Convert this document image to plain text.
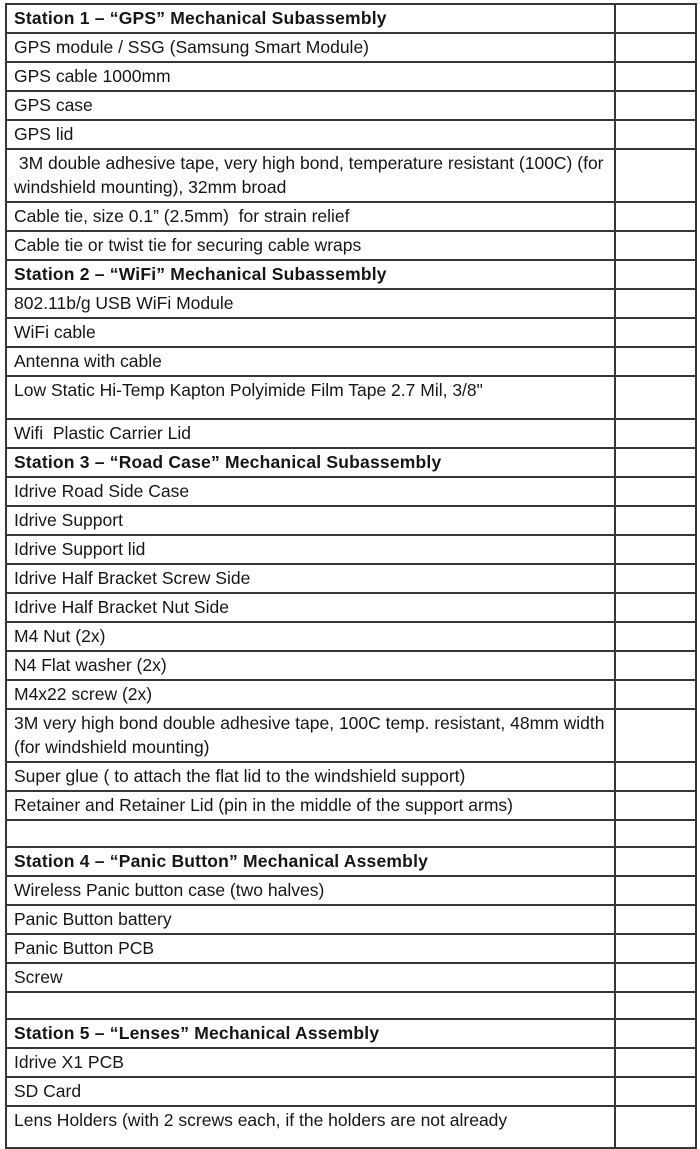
Station 1 – “GPS” Mechanical Subassembly	
GPS module / SSG (Samsung Smart Module)	
GPS cable 1000mm	
GPS case	
GPS lid	
3M double adhesive tape, very high bond, temperature resistant (100C) (for windshield mounting), 32mm broad	
Cable tie, size 0.1” (2.5mm)  for strain relief	
Cable tie or twist tie for securing cable wraps	
Station 2 – “WiFi” Mechanical Subassembly	
802.11b/g USB WiFi Module	
WiFi cable	
Antenna with cable	
Low Static Hi-Temp Kapton Polyimide Film Tape 2.7 Mil, 3/8"	
Wifi  Plastic Carrier Lid	
Station 3 – “Road Case” Mechanical Subassembly	
Idrive Road Side Case	
Idrive Support	
Idrive Support lid	
Idrive Half Bracket Screw Side	
Idrive Half Bracket Nut Side	
M4 Nut (2x)	
N4 Flat washer (2x)	
M4x22 screw (2x)	
3M very high bond double adhesive tape, 100C temp. resistant, 48mm width (for windshield mounting)	
Super glue ( to attach the flat lid to the windshield support)	
Retainer and Retainer Lid (pin in the middle of the support arms)	

Station 4 – “Panic Button” Mechanical Assembly	
Wireless Panic button case (two halves)	
Panic Button battery	
Panic Button PCB	
Screw	

Station 5 – “Lenses” Mechanical Assembly	
Idrive X1 PCB	
SD Card	
Lens Holders (with 2 screws each, if the holders are not already	
